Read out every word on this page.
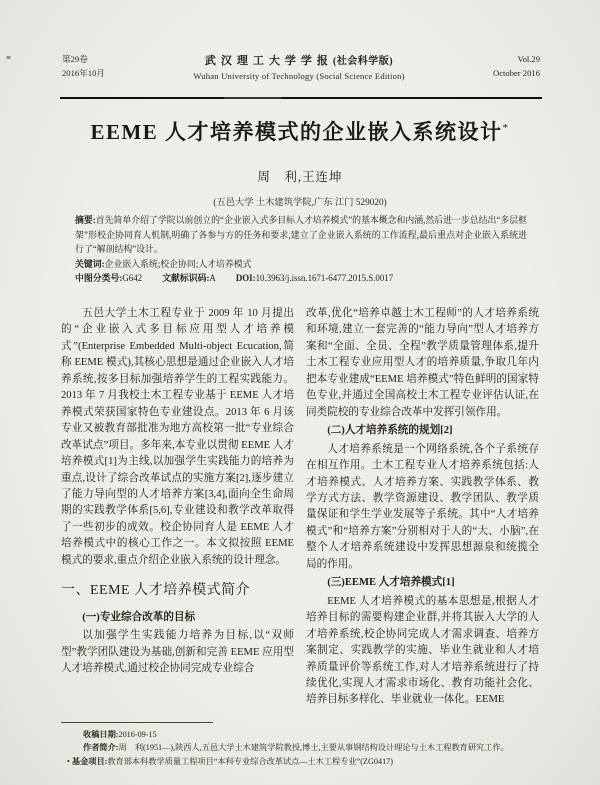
第29卷
2016年10月
武汉理工大学学报(社会科学版)
Wuhan University of Technology (Social Science Edition)
Vol.29
October 2016
EEME 人才培养模式的企业嵌入系统设计*
周　利,王连坤
(五邑大学 土木建筑学院,广东 江门 529020)

摘要:首先简单介绍了学院以前创立的“企业嵌入式多目标人才培养模式”的基本概念和内涵,然后进一步总结出“多层框架”形校企协同育人机制,明确了各参与方的任务和要求,建立了企业嵌入系统的工作流程,最后重点对企业嵌入系统进行了“解剖结构”设计。

关键词:企业嵌入系统;校企协同;人才培养模式

中图分类号:G642 文献标识码:A DOI:10.3963/j.issn.1671-6477.2015.S.0017

五邑大学土木工程专业于 2009 年 10 月提出的“企业嵌入式多目标应用型人才培养模式”(Enterprise Embedded Multi-object Ecucation,简称 EEME 模式),其核心思想是通过企业嵌入人才培养系统,按多目标加强培养学生的工程实践能力。2013 年 7 月我校土木工程专业基于 EEME 人才培养模式荣获国家特色专业建设点。2013 年 6 月该专业又被教育部批准为地方高校第一批“专业综合改革试点”项目。多年来,本专业以贯彻 EEME 人才培养模式[1]为主线,以加强学生实践能力的培养为重点,设计了综合改革试点的实施方案[2],逐步建立了能力导向型的人才培养方案[3,4],面向全生命周期的实践教学体系[5,6],专业建设和教学改革取得了一些初步的成效。校企协同育人是 EEME 人才培养模式中的核心工作之一。本文拟按照 EEME 模式的要求,重点介绍企业嵌入系统的设计理念。

一、EEME 人才培养模式简介
(一)专业综合改革的目标

以加强学生实践能力培养为目标,以“双师型”教学团队建设为基础,创新和完善 EEME 应用型人才培养模式,通过校企协同完成专业综合

改革,优化“培养卓越土木工程师”的人才培养系统和环境,建立一套完善的“能力导向”型人才培养方案和“全面、全员、全程”教学质量管理体系,提升土木工程专业应用型人才的培养质量,争取几年内把本专业建成“EEME 培养模式”特色鲜明的国家特色专业,并通过全国高校土木工程专业评估认证,在同类院校的专业综合改革中发挥引领作用。

(二)人才培养系统的规划[2]

人才培养系统是一个网络系统,各个子系统存在相互作用。土木工程专业人才培养系统包括:人才培养模式、人才培养方案、实践教学体系、教学方式方法、教学资源建设、教学团队、教学质量保证和学生学业发展等子系统。其中“人才培养模式”和“培养方案”分别相对于人的“大、小脑”,在整个人才培养系统建设中发挥思想源泉和统揽全局的作用。

(三)EEME 人才培养模式[1]

EEME 人才培养模式的基本思想是,根据人才培养目标的需要构建企业群,并将其嵌入大学的人才培养系统,校企协同完成人才需求调查、培养方案制定、实践教学的实施、毕业生就业和人才培养质量评价等系统工作,对人才培养系统进行了持续优化,实现人才需求市场化、教育功能社会化、培养目标多样化、毕业就业一体化。EEME

收稿日期:2016-09-15
作者简介:周　利(1951—),陕西人,五邑大学土木建筑学院教授,博士,主要从事钢结构设计理论与土木工程教育研究工作。
• 基金项目:教育部本科教学质量工程项目“本科专业综合改革试点—土木工程专业”(ZG0417)
